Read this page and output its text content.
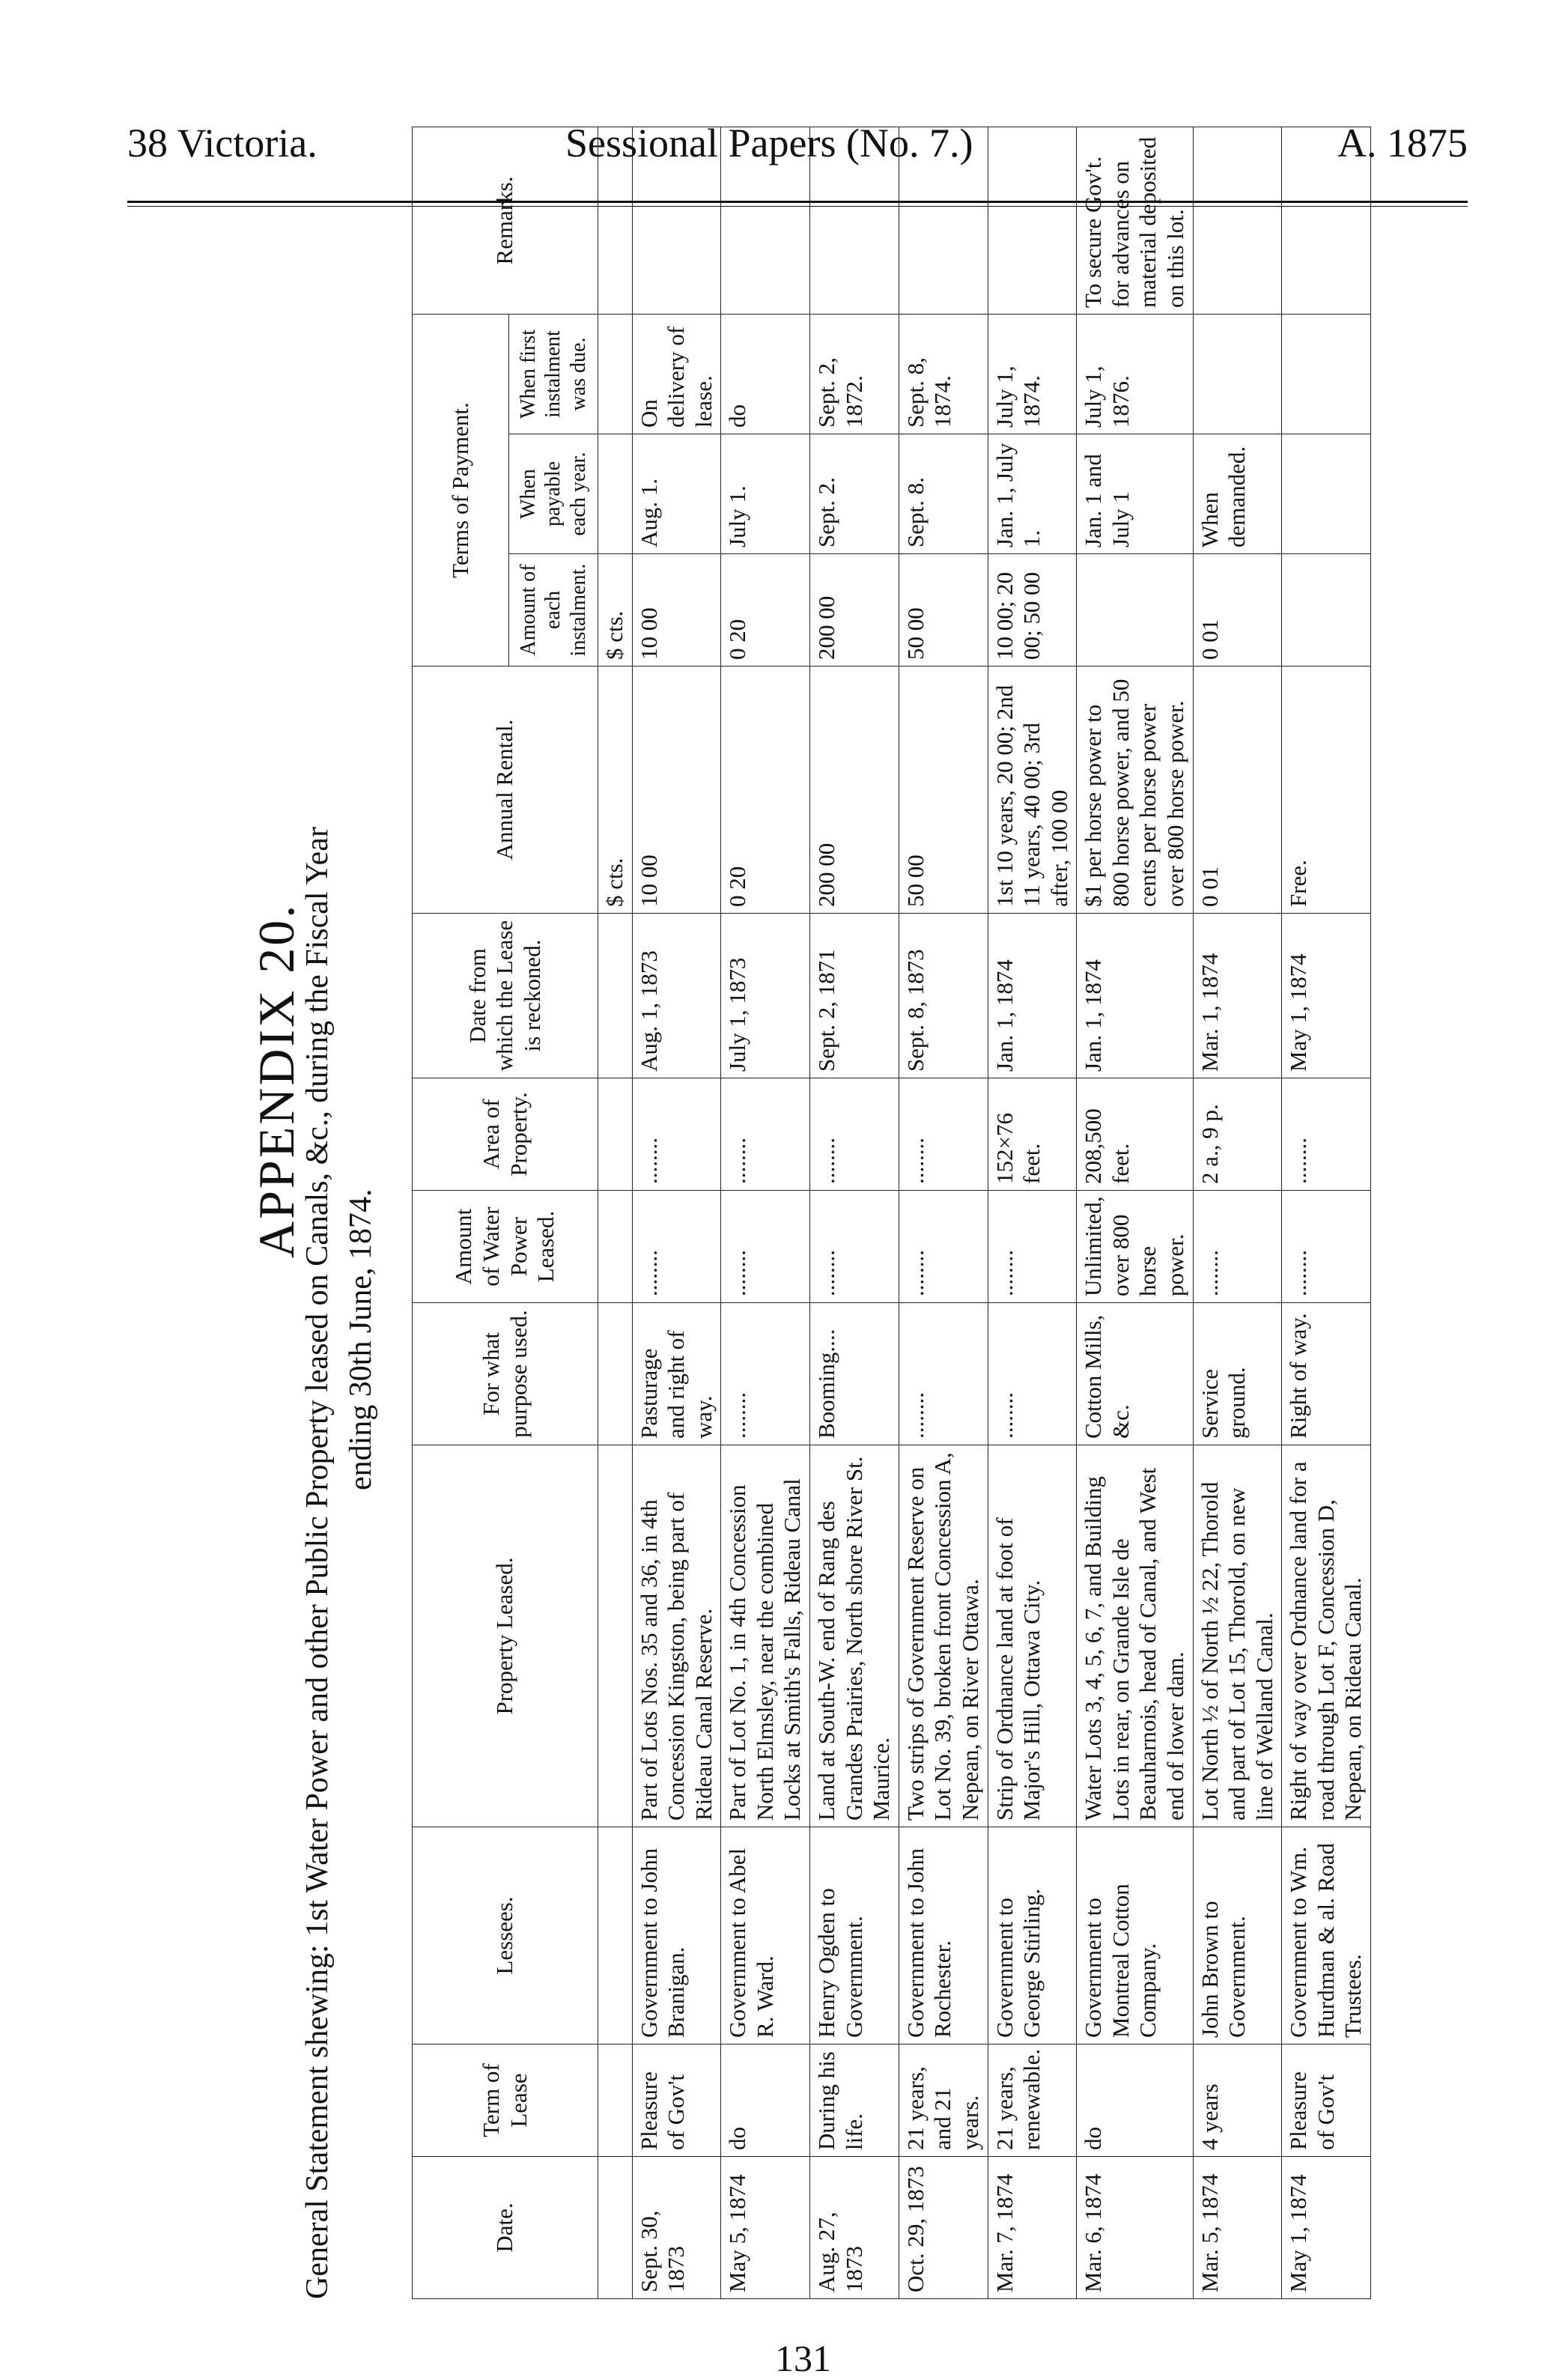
38 Victoria.	Sessional Papers (No. 7.)	A. 1875
APPENDIX 20.
General Statement shewing: 1st Water Power and other Public Property leased on Canals, &c., during the Fiscal Year ending 30th June, 1874.
Date.	Term of Lease	Lessees.	Property Leased.	For what purpose used.	Amount of Water Power Leased.	Area of Property.	Date from which the Lease is reckoned.	Annual Rental.	Terms of Payment.			Remarks.
									Amount of each instalment.	When payable each year.	When first instalment was due.	
								$ cts.	$ cts.			
Sept. 30, 1873	Pleasure of Gov't	Government to John Branigan.	Part of Lots Nos. 35 and 36, in 4th Concession Kingston, being part of Rideau Canal Reserve.	Pasturage and right of way.	........	........	Aug. 1, 1873	10 00	10 00	Aug. 1.	On delivery of lease.	
May 5, 1874	do	Government to Abel R. Ward.	Part of Lot No. 1, in 4th Concession North Elmsley, near the combined Locks at Smith's Falls, Rideau Canal	........	........	........	July 1, 1873	0 20	0 20	July 1.	do	
Aug. 27, 1873	During his life.	Henry Ogden to Government.	Land at South-W. end of Rang des Grandes Prairies, North shore River St. Maurice.	Booming....	........	........	Sept. 2, 1871	200 00	200 00	Sept. 2.	Sept. 2, 1872.	
Oct. 29, 1873	21 years, and 21 years.	Government to John Rochester.	Two strips of Government Reserve on Lot No. 39, broken front Concession A, Nepean, on River Ottawa.	........	........	........	Sept. 8, 1873	50 00	50 00	Sept. 8.	Sept. 8, 1874.	
Mar. 7, 1874	21 years, renewable.	Government to George Stirling.	Strip of Ordnance land at foot of Major's Hill, Ottawa City.	........	........	152×76 feet.	Jan. 1, 1874	1st 10 years, 20 00; 2nd 11 years, 40 00; 3rd after, 100 00	10 00; 20 00; 50 00	Jan. 1, July 1.	July 1, 1874.	
Mar. 6, 1874	do	Government to Montreal Cotton Company.	Water Lots 3, 4, 5, 6, 7, and Building Lots in rear, on Grande Isle de Beauharnois, head of Canal, and West end of lower dam.	Cotton Mills, &c.	Unlimited, over 800 horse power.	208,500 feet.	Jan. 1, 1874	$1 per horse power to 800 horse power, and 50 cents per horse power over 800 horse power.		Jan. 1 and July 1	July 1, 1876.	To secure Gov't. for advances on material deposited on this lot.
Mar. 5, 1874	4 years	John Brown to Government.	Lot North ½ of North ½ 22, Thorold and part of Lot 15, Thorold, on new line of Welland Canal.	Service ground.	........	2 a., 9 p.	Mar. 1, 1874	0 01	0 01	When demanded.		
May 1, 1874	Pleasure of Gov't	Government to Wm. Hurdman & al. Road Trustees.	Right of way over Ordnance land for a road through Lot F, Concession D, Nepean, on Rideau Canal.	Right of way.	........	........	May 1, 1874	Free.				
131
